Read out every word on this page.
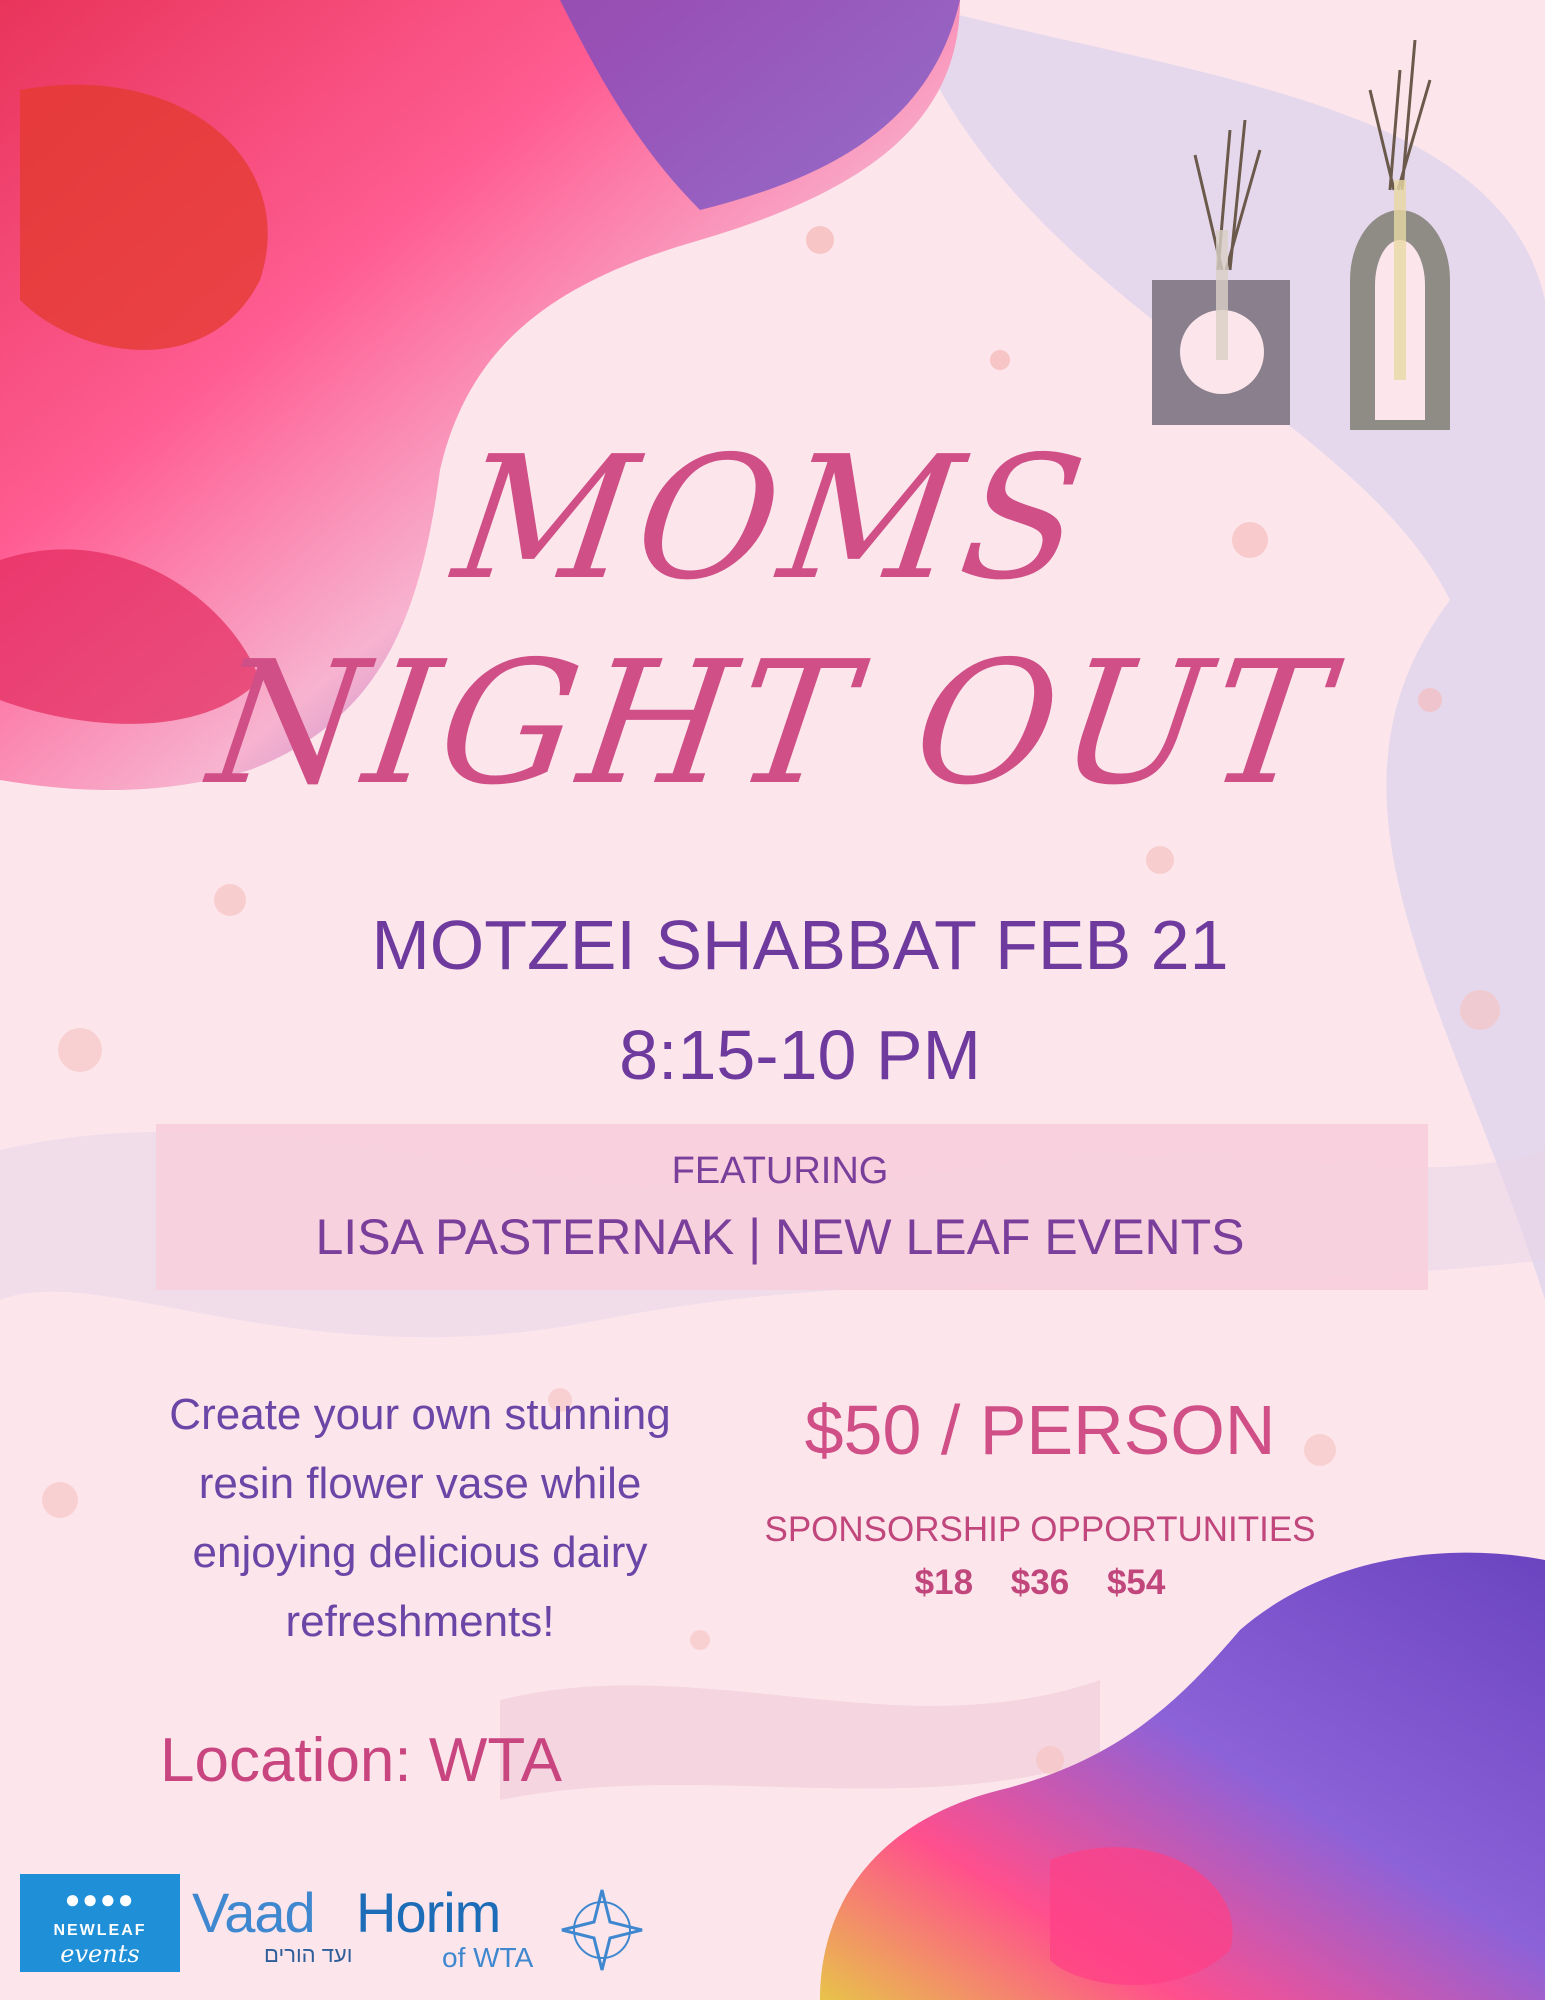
MOMS
NIGHT OUT
MOTZEI SHABBAT FEB 21
8:15-10 PM
FEATURING
LISA PASTERNAK | NEW LEAF EVENTS
Create your own stunning
resin flower vase while
enjoying delicious dairy
refreshments!
$50 / PERSON
SPONSORSHIP OPPORTUNITIES
$18 $36 $54
Location: WTA
●●●●
NEWLEAF
events
Vaad Horim
ועד הורים	of WTA
